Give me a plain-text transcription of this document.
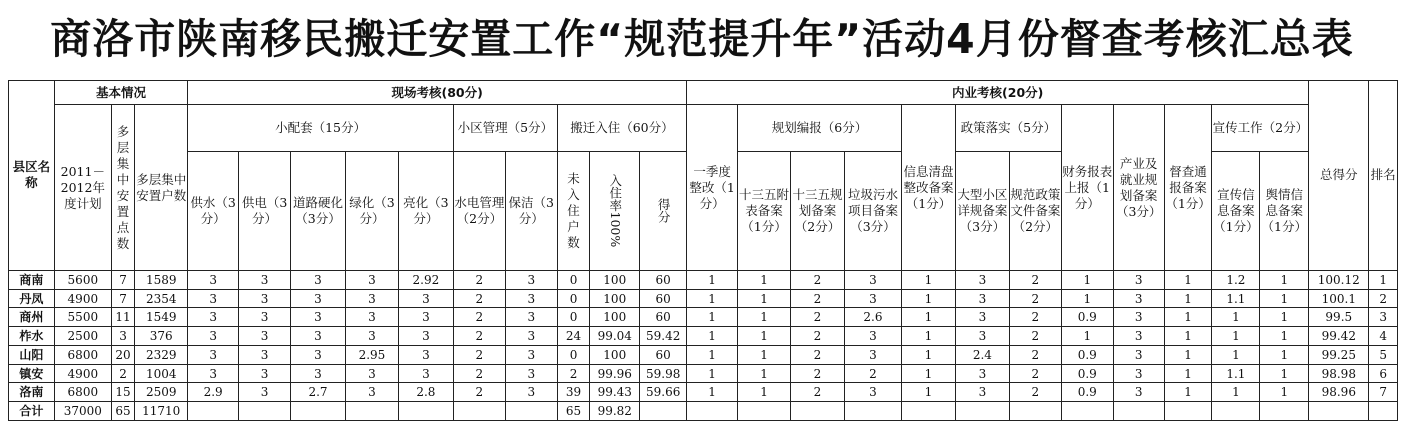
商洛市陕南移民搬迁安置工作“规范提升年”活动4月份督查考核汇总表
县区名称	基本情况			现场考核(80分)										内业考核(20分)												总得分	排名
	2011－2012年度计划	多层集中安置点数	多层集中安置户数	小配套（15分）					小区管理（5分）		搬迁入住（60分）			一季度整改（1分）	规划编报（6分）			信息清盘整改备案（1分）	政策落实（5分）		财务报表上报（1分）	产业及就业规划备案（3分）	督查通报备案（1分）	宣传工作（2分）			
				供水（3分）	供电（3分）	道路硬化（3分）	绿化（3分）	亮化（3分）	水电管理（2分）	保洁（3分）	未入住户数	入住率100%	得分		十三五附表备案（1分）	十三五规划备案（2分）	垃圾污水项目备案（3分）		大型小区详规备案（3分）	规范政策文件备案（2分）				宣传信息备案（1分）	舆情信息备案（1分）		

商南	5600	7	1589	3	3	3	3	2.92	2	3	0	100	60	1	1	2	3	1	3	2	1	3	1	1.2	1	100.12	1
丹凤	4900	7	2354	3	3	3	3	3	2	3	0	100	60	1	1	2	3	1	3	2	1	3	1	1.1	1	100.1	2
商州	5500	11	1549	3	3	3	3	3	2	3	0	100	60	1	1	2	2.6	1	3	2	0.9	3	1	1	1	99.5	3
柞水	2500	3	376	3	3	3	3	3	2	3	24	99.04	59.42	1	1	2	3	1	3	2	1	3	1	1	1	99.42	4
山阳	6800	20	2329	3	3	3	2.95	3	2	3	0	100	60	1	1	2	3	1	2.4	2	0.9	3	1	1	1	99.25	5
镇安	4900	2	1004	3	3	3	3	3	2	3	2	99.96	59.98	1	1	2	2	1	3	2	0.9	3	1	1.1	1	98.98	6
洛南	6800	15	2509	2.9	3	2.7	3	2.8	2	3	39	99.43	59.66	1	1	2	3	1	3	2	0.9	3	1	1	1	98.96	7
合计	37000	65	11710								65	99.82															
